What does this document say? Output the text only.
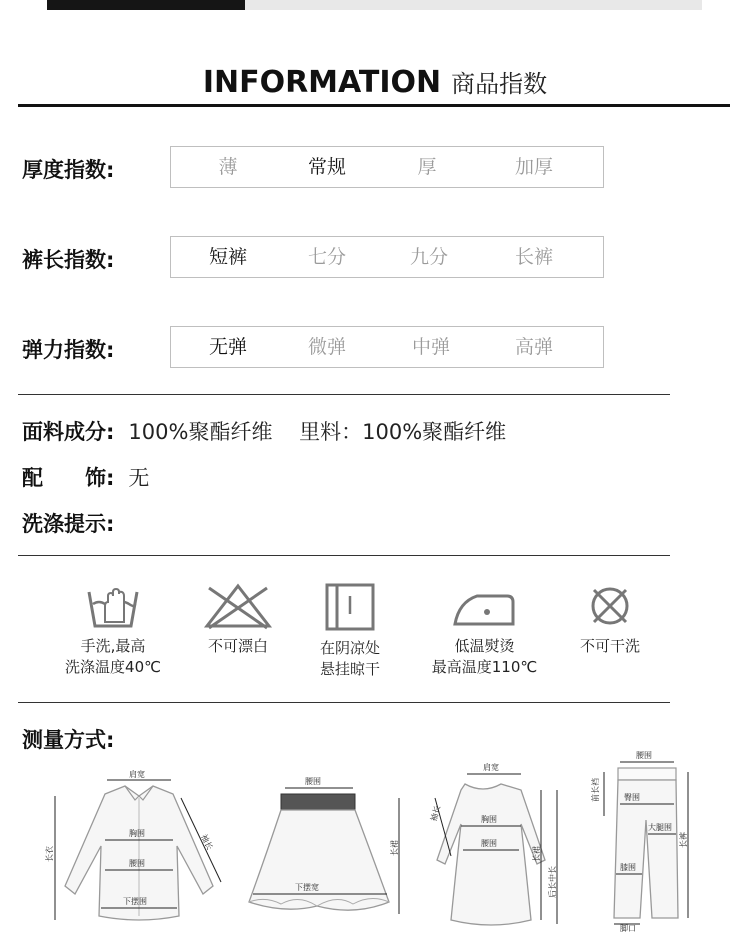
INFORMATION 商品指数
厚度指数:	薄	常规	厚	加厚
裤长指数:	短裤	七分	九分	长裤
弹力指数:	无弹	微弹	中弹	高弹
面料成分: 100%聚酯纤维    里料：100%聚酯纤维
配　　饰: 无
洗涤提示:
手洗,最高
洗涤温度40℃
不可漂白	在阴凉处
悬挂晾干
低温熨烫
最高温度110℃
不可干洗
测量方式:
肩宽
胸围
腰围
下摆围
长衣
袖长
腰围
下摆宽
长裙
肩宽
胸围
腰围
袖长
长裙
后长中长
腰围
前长裆	臀围
大腿围
膝围
脚口
长裤
